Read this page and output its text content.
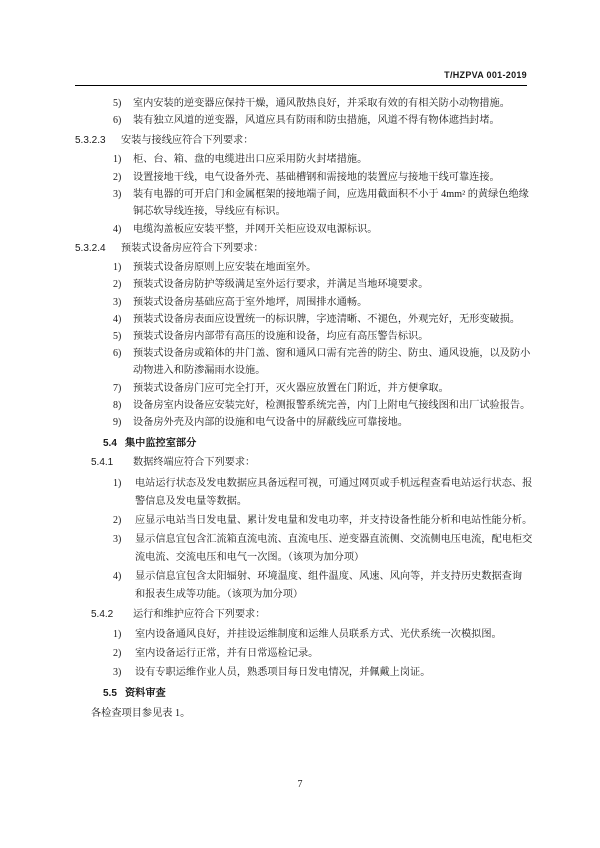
T/HZPVA 001-2019
5) 室内安装的逆变器应保持干燥，通风散热良好，并采取有效的有相关防小动物措施。
6) 装有独立风道的逆变器，风道应具有防雨和防虫措施，风道不得有物体遮挡封堵。
5.3.2.3 安装与接线应符合下列要求：
1) 柜、台、箱、盘的电缆进出口应采用防火封堵措施。
2) 设置接地干线，电气设备外壳、基础槽钢和需接地的装置应与接地干线可靠连接。
3) 装有电器的可开启门和金属框架的接地端子间，应选用截面积不小于 4mm² 的黄绿色绝缘
铜芯软导线连接，导线应有标识。
4) 电缆沟盖板应安装平整，并网开关柜应设双电源标识。
5.3.2.4 预装式设备房应符合下列要求：
1) 预装式设备房原则上应安装在地面室外。
2) 预装式设备房防护等级满足室外运行要求，并满足当地环境要求。
3) 预装式设备房基础应高于室外地坪，周围排水通畅。
4) 预装式设备房表面应设置统一的标识牌，字迹清晰、不褪色，外观完好，无形变破损。
5) 预装式设备房内部带有高压的设施和设备，均应有高压警告标识。
6) 预装式设备房或箱体的井门盖、窗和通风口需有完善的防尘、防虫、通风设施，以及防小
动物进入和防渗漏雨水设施。
7) 预装式设备房门应可完全打开，灭火器应放置在门附近，并方便拿取。
8) 设备房室内设备应安装完好，检测报警系统完善，内门上附电气接线图和出厂试验报告。
9) 设备房外壳及内部的设施和电气设备中的屏蔽线应可靠接地。
5.4 集中监控室部分
5.4.1 数据终端应符合下列要求：
1) 电站运行状态及发电数据应具备远程可视，可通过网页或手机远程查看电站运行状态、报
警信息及发电量等数据。
2) 应显示电站当日发电量、累计发电量和发电功率，并支持设备性能分析和电站性能分析。
3) 显示信息宜包含汇流箱直流电流、直流电压、逆变器直流侧、交流侧电压电流，配电柜交
流电流、交流电压和电气一次图。（该项为加分项）
4) 显示信息宜包含太阳辐射、环境温度、组件温度、风速、风向等，并支持历史数据查询
和报表生成等功能。（该项为加分项）
5.4.2 运行和维护应符合下列要求：
1) 室内设备通风良好，并挂设运维制度和运维人员联系方式、光伏系统一次模拟图。
2) 室内设备运行正常，并有日常巡检记录。
3) 设有专职运维作业人员，熟悉项目每日发电情况，并佩戴上岗证。
5.5 资料审查
各检查项目参见表 1。
7
